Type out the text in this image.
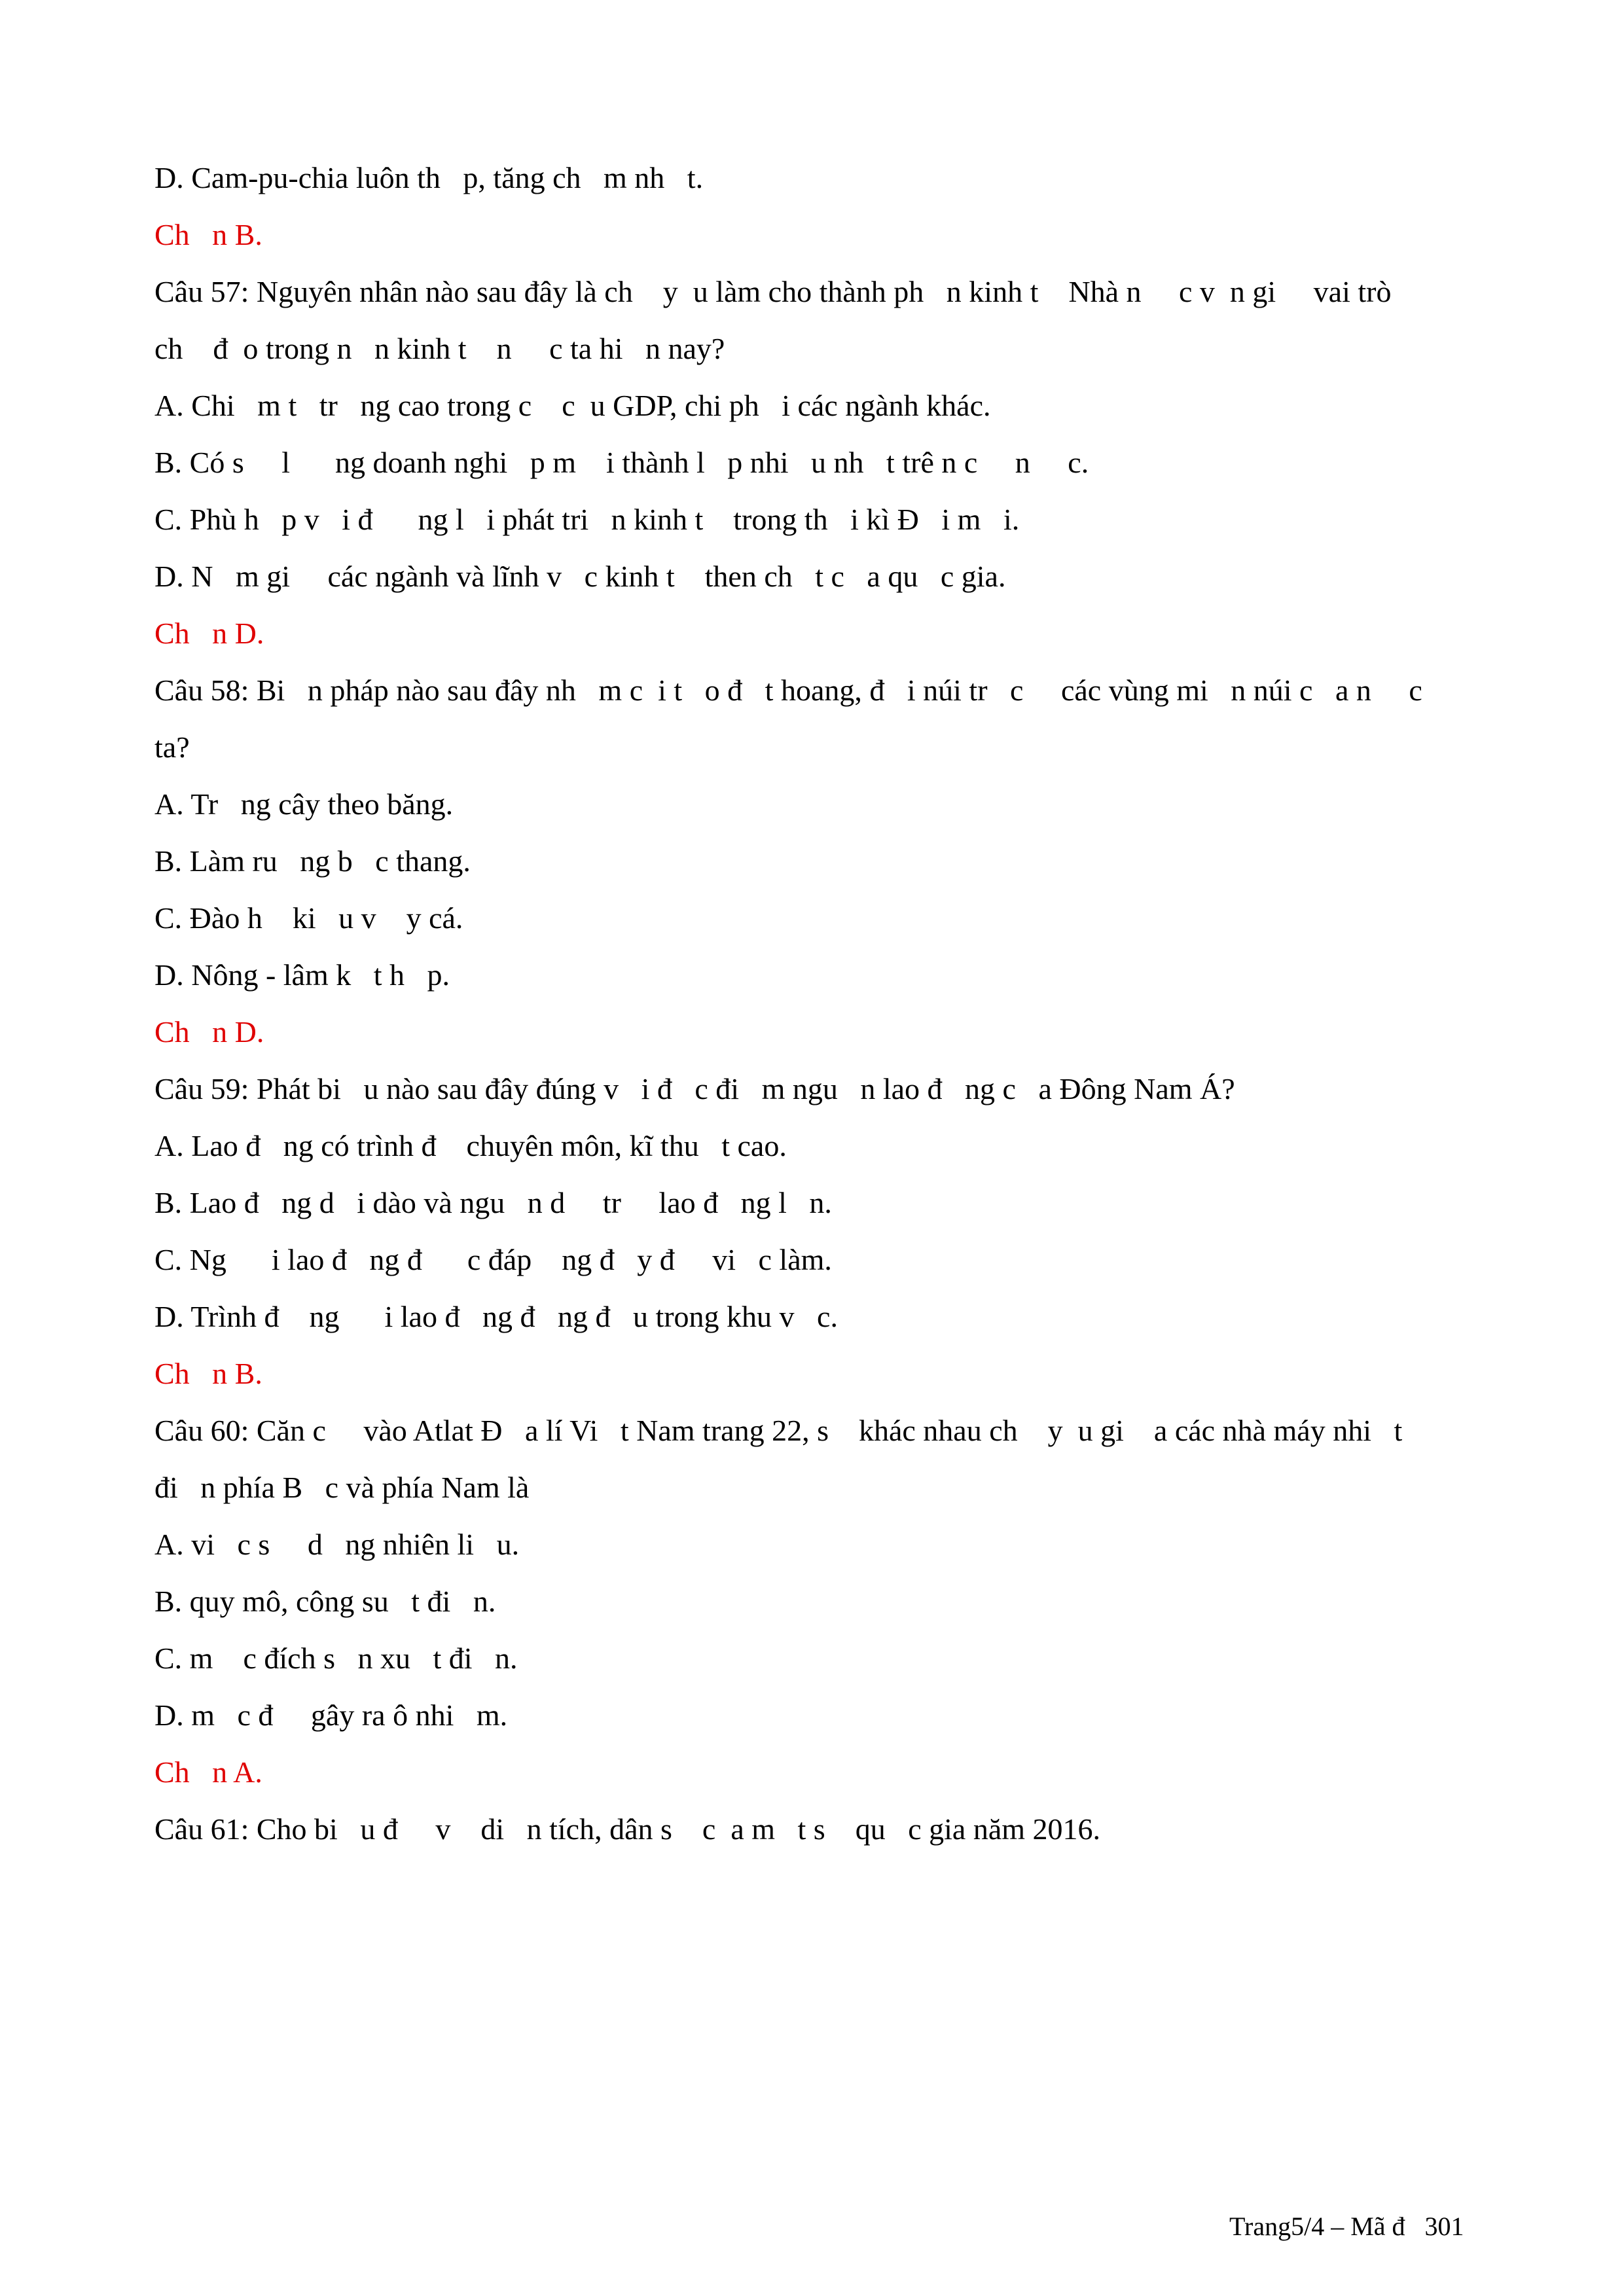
D. Cam-pu-chia luôn th   p, tăng ch   m nh   t.

Ch   n B.

Câu 57: Nguyên nhân nào sau đây là ch    y  u làm cho thành ph   n kinh t    Nhà n     c v  n gi     vai trò

ch    đ  o trong n   n kinh t    n     c ta hi   n nay?

A. Chi   m t   tr   ng cao trong c    c  u GDP, chi ph   i các ngành khác.

B. Có s     l      ng doanh nghi   p m    i thành l   p nhi   u nh   t trê n c     n     c.

C. Phù h   p v   i đ      ng l   i phát tri   n kinh t    trong th   i kì Đ   i m   i.

D. N   m gi     các ngành và lĩnh v   c kinh t    then ch   t c   a qu   c gia.

Ch   n D.

Câu 58: Bi   n pháp nào sau đây nh   m c  i t   o đ   t hoang, đ   i núi tr   c     các vùng mi   n núi c   a n     c

ta?

A. Tr   ng cây theo băng.

B. Làm ru   ng b   c thang.

C. Đào h    ki   u v    y cá.

D. Nông - lâm k   t h   p.

Ch   n D.

Câu 59: Phát bi   u nào sau đây đúng v   i đ   c đi   m ngu   n lao đ   ng c   a Đông Nam Á?

A. Lao đ   ng có trình đ    chuyên môn, kĩ thu   t cao.

B. Lao đ   ng d   i dào và ngu   n d     tr     lao đ   ng l   n.

C. Ng      i lao đ   ng đ      c đáp    ng đ   y đ     vi   c làm.

D. Trình đ    ng      i lao đ   ng đ   ng đ   u trong khu v   c.

Ch   n B.

Câu 60: Căn c     vào Atlat Đ   a lí Vi   t Nam trang 22, s    khác nhau ch    y  u gi    a các nhà máy nhi   t

đi   n phía B   c và phía Nam là

A. vi   c s     d   ng nhiên li   u.

B. quy mô, công su   t đi   n.

C. m    c đích s   n xu   t đi   n.

D. m   c đ     gây ra ô nhi   m.

Ch   n A.

Câu 61: Cho bi   u đ     v    di   n tích, dân s    c  a m   t s    qu   c gia năm 2016.

Trang5/4 – Mã đ   301
